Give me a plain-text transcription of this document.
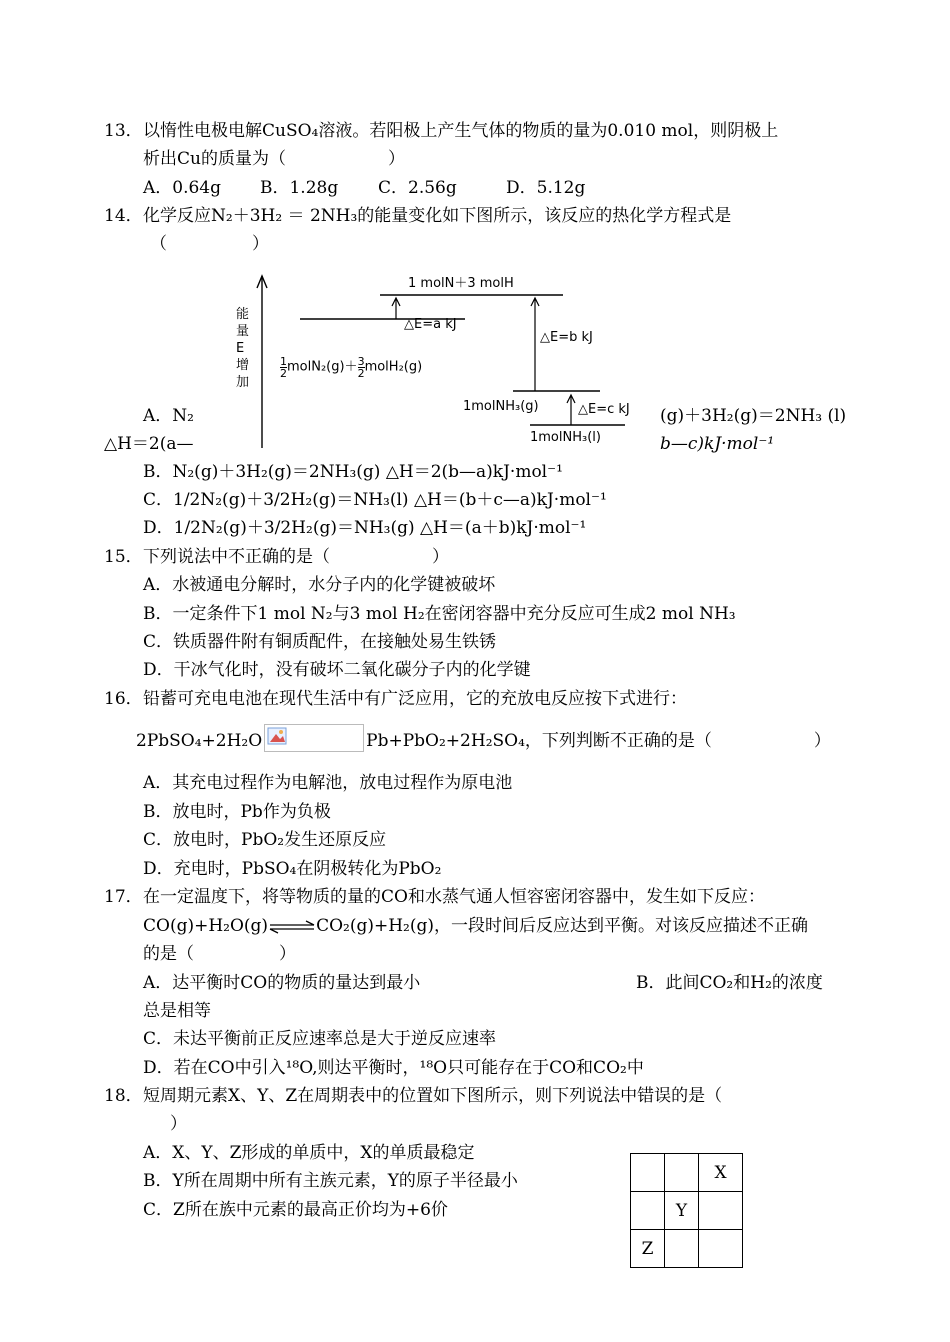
13． 以惰性电极电解CuSO₄溶液。若阳极上产生气体的物质的量为0.010 mol，则阴极上
析出Cu的质量为（　　　　　　）
A．0.64g B．1.28g C．2.56g	D．5.12g
14． 化学反应N₂＋3H₂ ＝ 2NH₃的能量变化如下图所示，该反应的热化学方程式是
（　　　　　）
能
量
E
增
加
1 molN＋3 molH
$\frac{1}{2}$ $molN_2(g)+\frac{3}{2}$ molH₂(g)
△E=a kJ
△E=b kJ
1molNH₃(g)	△E=c kJ
1molNH₃(l)
A．N₂	(g)＋3H₂(g)＝2NH₃ (l)
△H＝2(a—	b—c)kJ·mol⁻¹
B．N₂(g)＋3H₂(g)＝2NH₃(g) △H＝2(b—a)kJ·mol⁻¹
C．1/2N₂(g)＋3/2H₂(g)＝NH₃(l) △H＝(b＋c—a)kJ·mol⁻¹
D．1/2N₂(g)＋3/2H₂(g)＝NH₃(g) △H＝(a＋b)kJ·mol⁻¹
15． 下列说法中不正确的是（　　　　　　）
A．水被通电分解时，水分子内的化学键被破坏
B．一定条件下1 mol N₂与3 mol H₂在密闭容器中充分反应可生成2 mol NH₃
C．铁质器件附有铜质配件，在接触处易生铁锈
D．干冰气化时，没有破坏二氧化碳分子内的化学键
16． 铅蓄可充电电池在现代生活中有广泛应用，它的充放电反应按下式进行：
2PbSO₄+2H₂O	Pb+PbO₂+2H₂SO₄，下列判断不正确的是（　　　　　　）
A．其充电过程作为电解池，放电过程作为原电池
B．放电时，Pb作为负极
C．放电时，PbO₂发生还原反应
D．充电时，PbSO₄在阴极转化为PbO₂
17． 在一定温度下，将等物质的量的CO和水蒸气通人恒容密闭容器中，发生如下反应：
CO(g)+H₂O(g)⇌CO₂(g)+H₂(g)，一段时间后反应达到平衡。对该反应描述不正确
的是（　　　　　）
A．达平衡时CO的物质的量达到最小	B．此间CO₂和H₂的浓度
总是相等
C．未达平衡前正反应速率总是大于逆反应速率
D．若在CO中引入¹⁸O,则达平衡时，¹⁸O只可能存在于CO和CO₂中
18． 短周期元素X、Y、Z在周期表中的位置如下图所示，则下列说法中错误的是（
）
A．X、Y、Z形成的单质中，X的单质最稳定
B．Y所在周期中所有主族元素，Y的原子半径最小
C．Z所在族中元素的最高正价均为+6价
		X
	Y	
Z		
